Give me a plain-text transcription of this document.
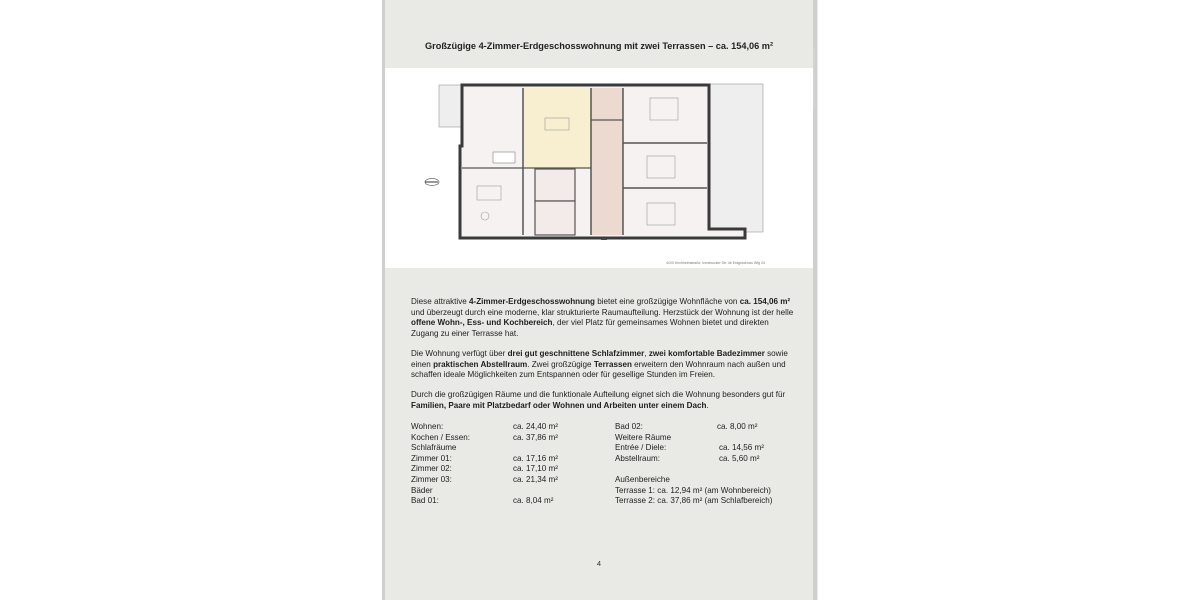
Großzügige 4-Zimmer-Erdgeschosswohnung mit zwei Terrassen – ca. 154,06 m²
4/2/0 Kirchheimstraße, Innsbrucker Str. 4b Erdgeschoss Wfg 24
Diese attraktive 4-Zimmer-Erdgeschosswohnung bietet eine großzügige Wohnfläche von ca. 154,06 m² und überzeugt durch eine moderne, klar strukturierte Raumaufteilung. Herzstück der Wohnung ist der helle offene Wohn-, Ess- und Kochbereich, der viel Platz für gemeinsames Wohnen bietet und direkten Zugang zu einer Terrasse hat.
Die Wohnung verfügt über drei gut geschnittene Schlafzimmer, zwei komfortable Badezimmer sowie einen praktischen Abstellraum. Zwei großzügige Terrassen erweitern den Wohnraum nach außen und schaffen ideale Möglichkeiten zum Entspannen oder für gesellige Stunden im Freien.
Durch die großzügigen Räume und die funktionale Aufteilung eignet sich die Wohnung besonders gut für Familien, Paare mit Platzbedarf oder Wohnen und Arbeiten unter einem Dach.
Wohnen:	ca. 24,40 m²
Kochen / Essen:	ca. 37,86 m²
Schlafräume
Zimmer 01:	ca. 17,16 m²
Zimmer 02:	ca. 17,10 m²
Zimmer 03:	ca. 21,34 m²
Bäder
Bad 01:	ca. 8,04 m²
Bad 02:	ca. 8,00 m²
Weitere Räume
Entrée / Diele:	ca. 14,56 m²
Abstellraum:	ca. 5,60 m²
Außenbereiche
Terrasse 1: ca. 12,94 m² (am Wohnbereich)
Terrasse 2: ca. 37,86 m² (am Schlafbereich)
4
